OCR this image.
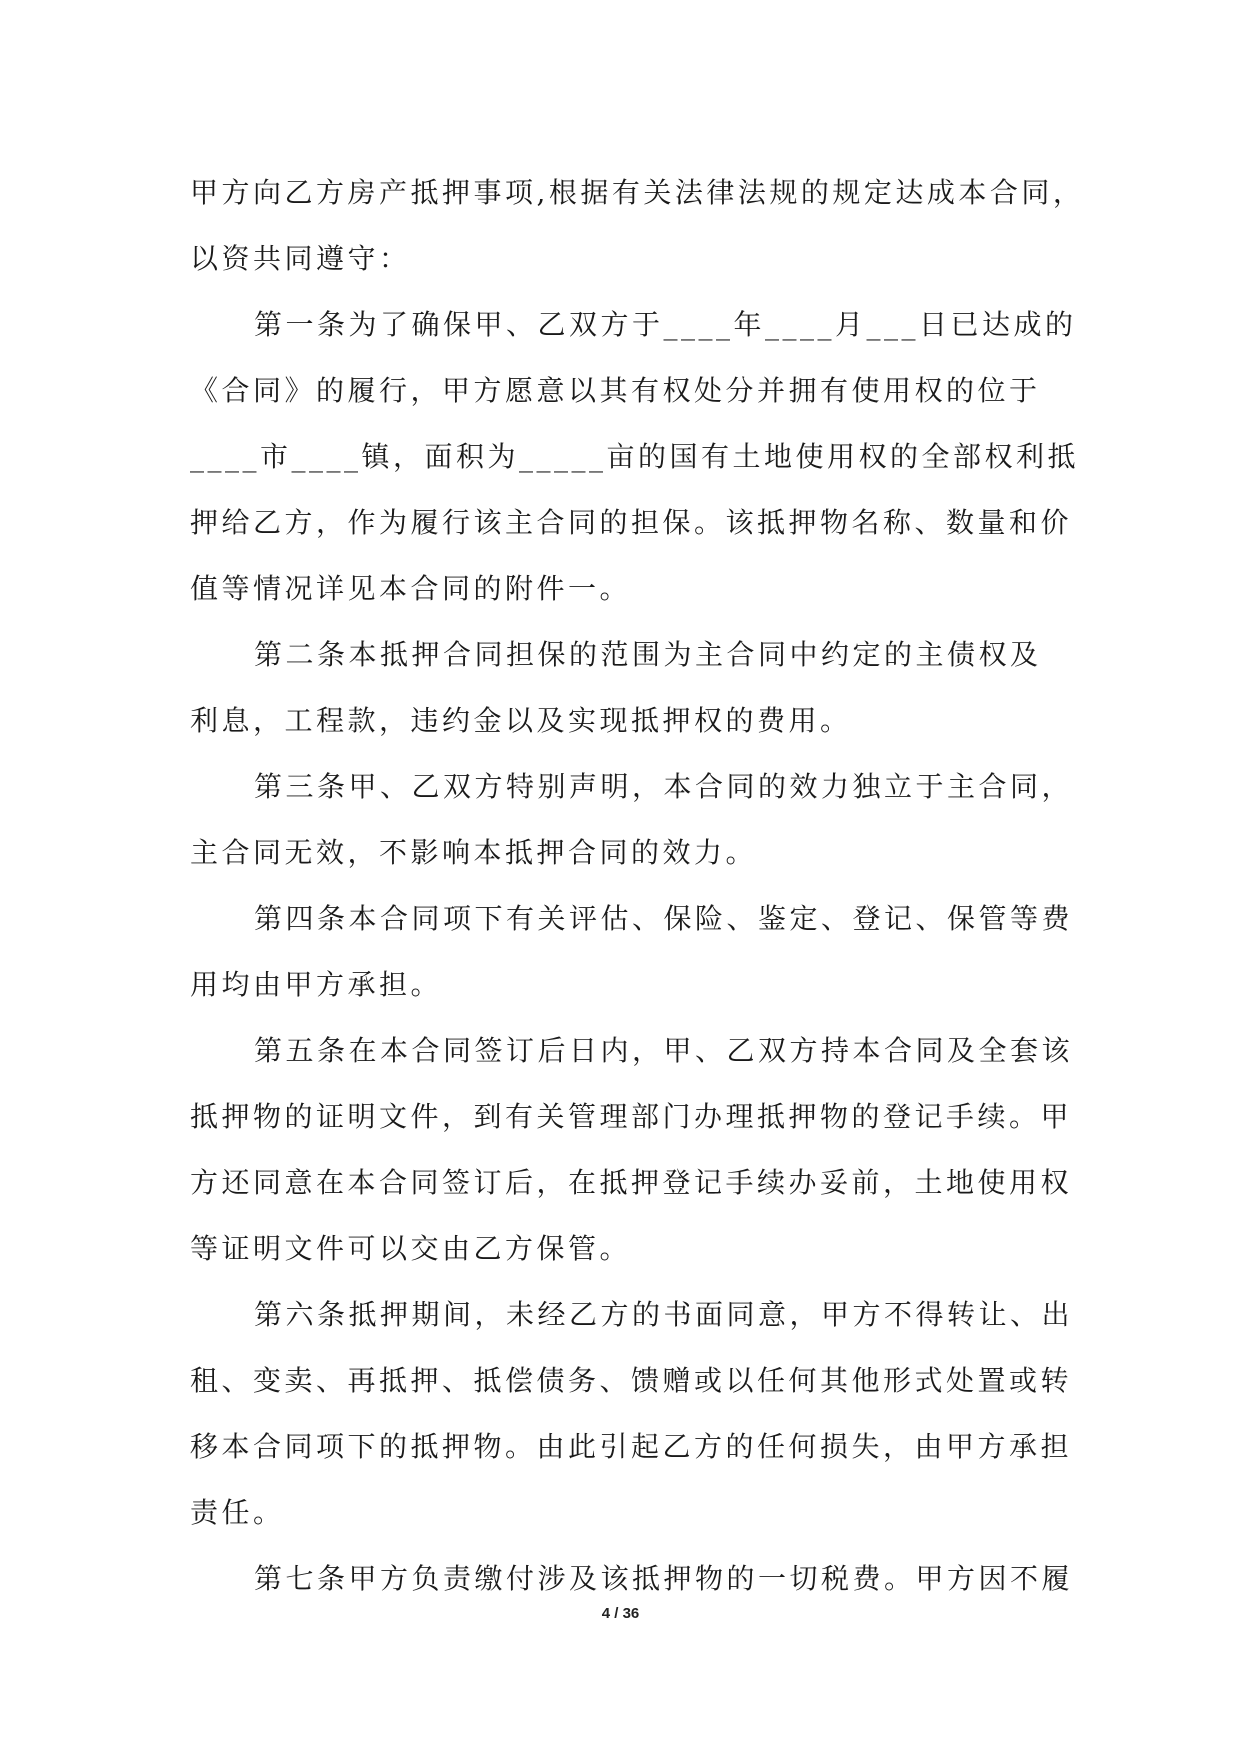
甲方向乙方房产抵押事项,根据有关法律法规的规定达成本合同，
以资共同遵守：
第一条为了确保甲、乙双方于____年____月___日已达成的
《合同》的履行，甲方愿意以其有权处分并拥有使用权的位于
____市____镇，面积为_____亩的国有土地使用权的全部权利抵
押给乙方，作为履行该主合同的担保。该抵押物名称、数量和价
值等情况详见本合同的附件一。
第二条本抵押合同担保的范围为主合同中约定的主债权及
利息，工程款，违约金以及实现抵押权的费用。
第三条甲、乙双方特别声明，本合同的效力独立于主合同，
主合同无效，不影响本抵押合同的效力。
第四条本合同项下有关评估、保险、鉴定、登记、保管等费
用均由甲方承担。
第五条在本合同签订后日内，甲、乙双方持本合同及全套该
抵押物的证明文件，到有关管理部门办理抵押物的登记手续。甲
方还同意在本合同签订后，在抵押登记手续办妥前，土地使用权
等证明文件可以交由乙方保管。
第六条抵押期间，未经乙方的书面同意，甲方不得转让、出
租、变卖、再抵押、抵偿债务、馈赠或以任何其他形式处置或转
移本合同项下的抵押物。由此引起乙方的任何损失，由甲方承担
责任。
第七条甲方负责缴付涉及该抵押物的一切税费。甲方因不履
4 / 36
